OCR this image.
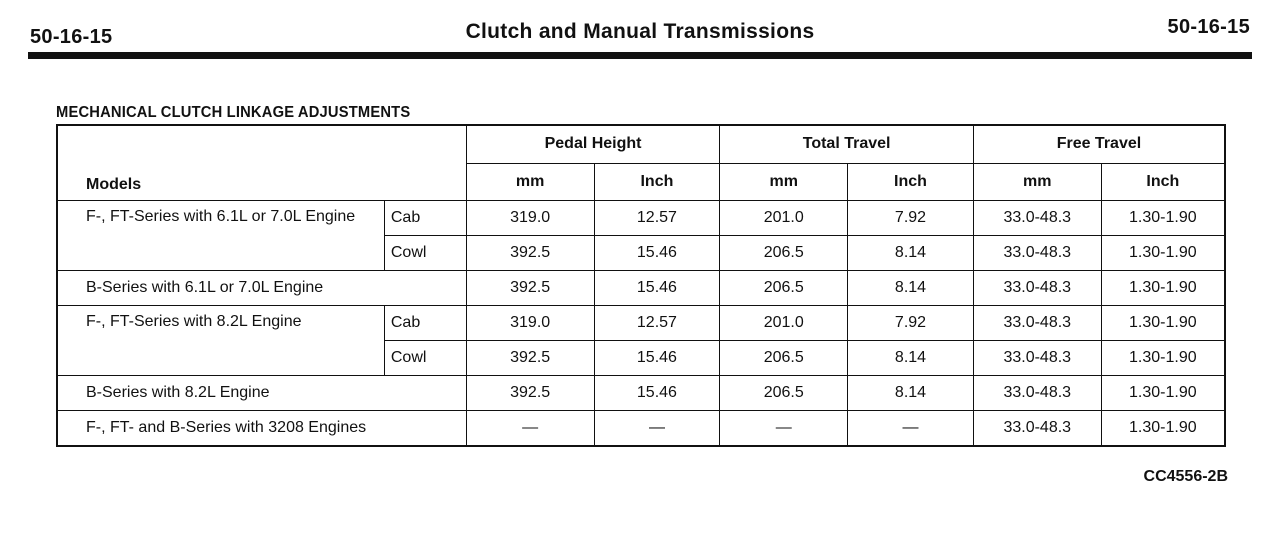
50-16-15	Clutch and Manual Transmissions	50-16-15
MECHANICAL CLUTCH LINKAGE ADJUSTMENTS
Models		Pedal Height		Total Travel		Free Travel	
		mm	Inch	mm	Inch	mm	Inch
F-, FT-Series with 6.1L or 7.0L Engine	Cab	319.0	12.57	201.0	7.92	33.0-48.3	1.30-1.90
	Cowl	392.5	15.46	206.5	8.14	33.0-48.3	1.30-1.90
B-Series with 6.1L or 7.0L Engine		392.5	15.46	206.5	8.14	33.0-48.3	1.30-1.90
F-, FT-Series with 8.2L Engine	Cab	319.0	12.57	201.0	7.92	33.0-48.3	1.30-1.90
	Cowl	392.5	15.46	206.5	8.14	33.0-48.3	1.30-1.90
B-Series with 8.2L Engine		392.5	15.46	206.5	8.14	33.0-48.3	1.30-1.90
F-, FT- and B-Series with 3208 Engines		—	—	—	—	33.0-48.3	1.30-1.90
CC4556-2B
